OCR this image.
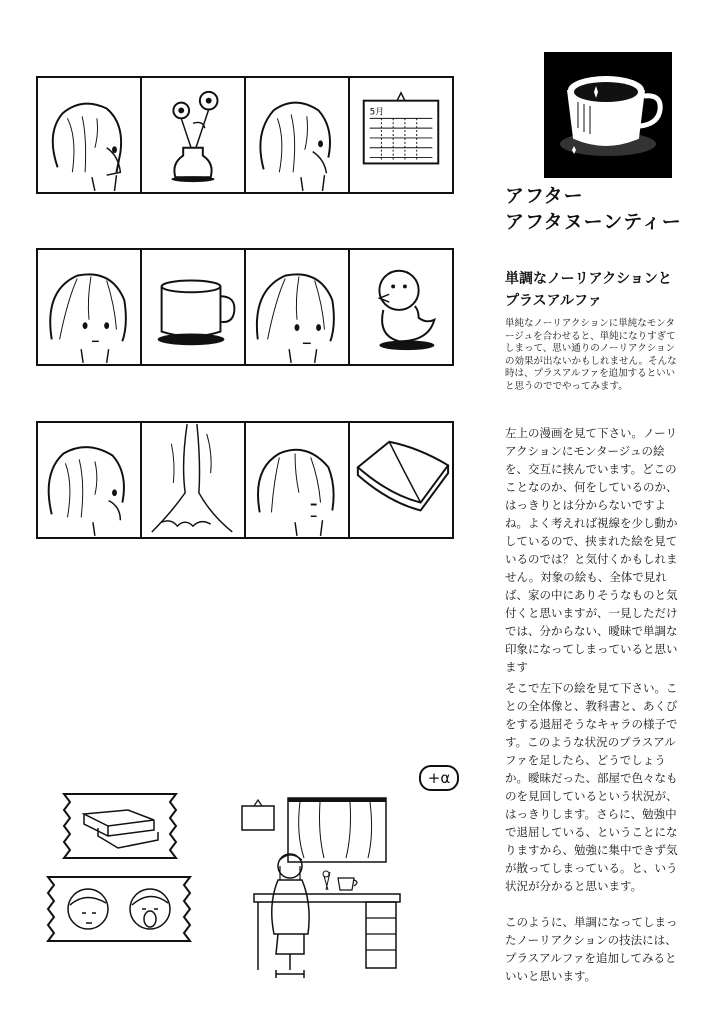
5月
アフター
アフタヌーンティー
単調なノーリアクションと
プラスアルファ
単純なノーリアクションに単純なモンタージュを合わせると、単純になりすぎてしまって、思い通りのノーリアクションの効果が出ないかもしれません。そんな時は、プラスアルファを追加するといいと思うのででやってみます。
左上の漫画を見て下さい。ノーリアクションにモンタージュの絵を、交互に挟んでいます。どこのことなのか、何をしているのか、はっきりとは分からないですよね。よく考えれば視線を少し動かしているので、挟まれた絵を見ているのでは？と気付くかもしれません。対象の絵も、全体で見れば、家の中にありそうなものと気付くと思いますが、一見しただけでは、分からない、曖昧で単調な印象になってしまっていると思います
そこで左下の絵を見て下さい。ことの全体像と、教科書と、あくびをする退屈そうなキャラの様子です。このような状況のプラスアルファを足したら、どうでしょうか。曖昧だった、部屋で色々なものを見回しているという状況が、はっきりします。さらに、勉強中で退屈している、ということになりますから、勉強に集中できず気が散ってしまっている。と、いう状況が分かると思います。
このように、単調になってしまったノーリアクションの技法には、プラスアルファを追加してみるといいと思います。
+α
